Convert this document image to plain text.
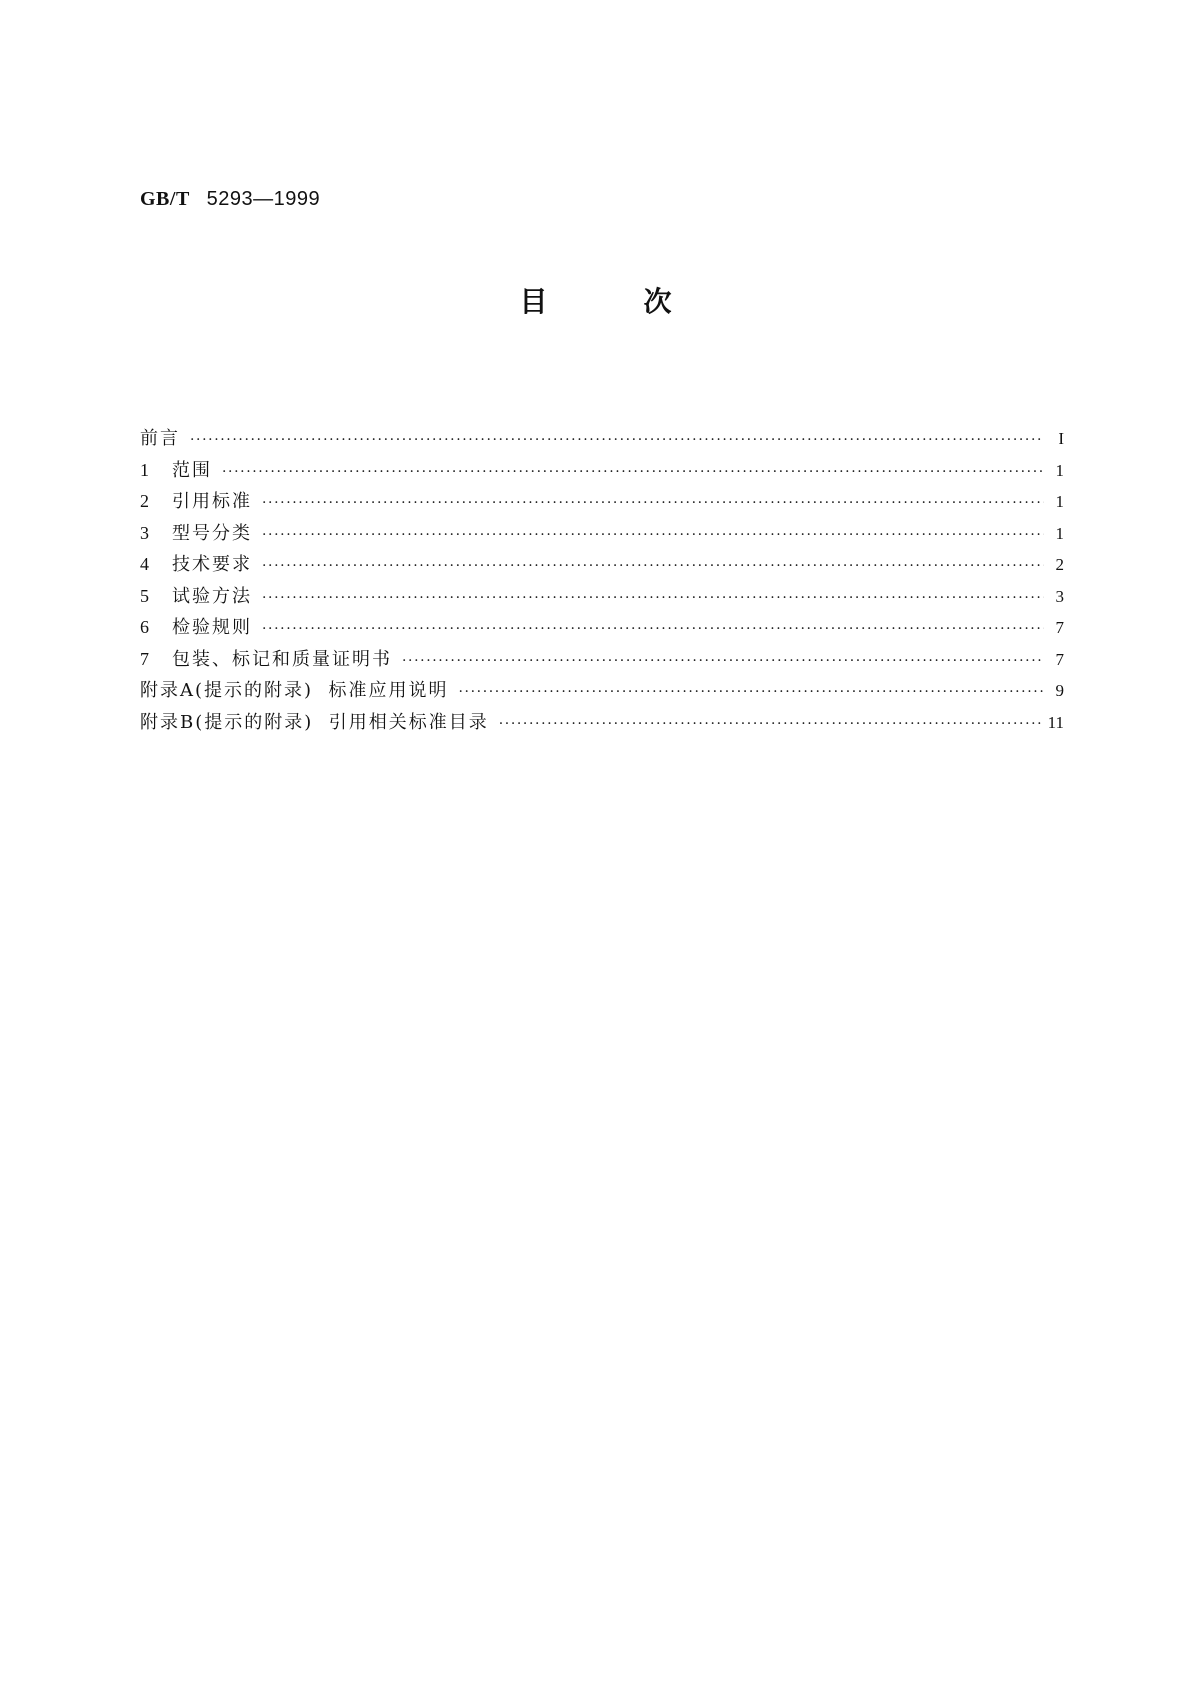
GB/T 5293—1999
目次
前言 ·····	I
1	范围 ·····	1
2	引用标准 ·····	1
3	型号分类 ·····	1
4	技术要求 ·····	2
5	试验方法 ·····	3
6	检验规则 ·····	7
7	包装、标记和质量证明书 ·····	7
附录A(提示的附录)  标准应用说明 ·····	9
附录B(提示的附录)  引用相关标准目录 ·····	11
